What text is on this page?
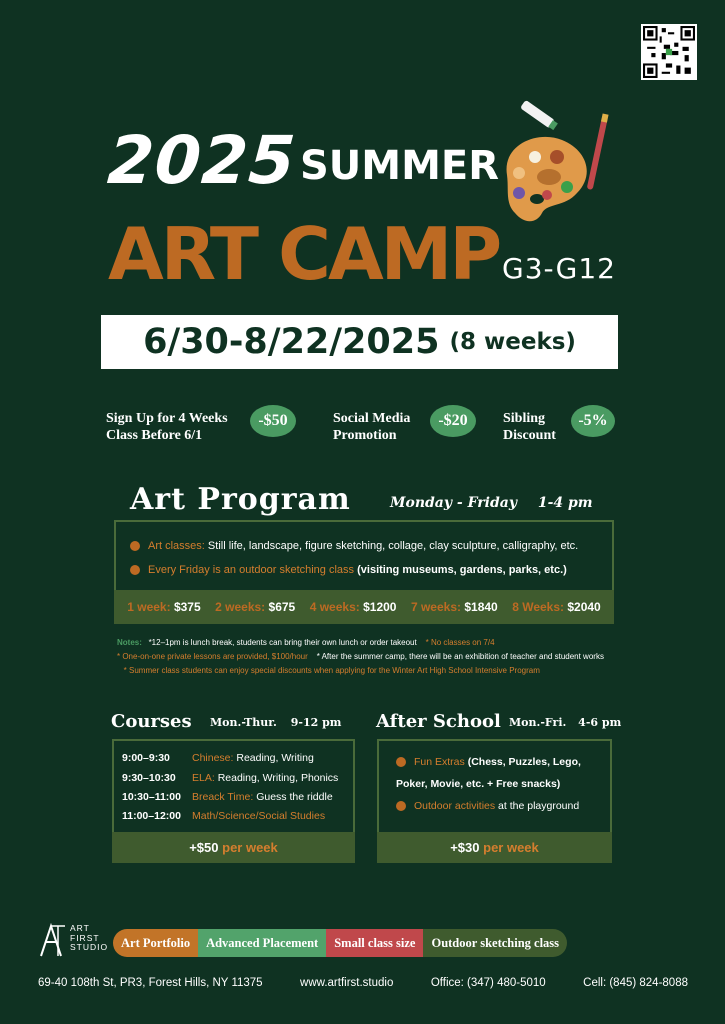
2025 SUMMER
ART CAMP G3-G12
6/30-8/22/2025 (8 weeks)
Sign Up for 4 Weeks
Class Before 6/1
-$50	Social Media
Promotion
-$20	Sibling
Discount
-5%
Art Program	Monday - Friday 1-4 pm
Art classes: Still life, landscape, figure sketching, collage, clay sculpture, calligraphy, etc.
Every Friday is an outdoor sketching class (visiting museums, gardens, parks, etc.)
1 week: $375 2 weeks: $675 4 weeks: $1200 7 weeks: $1840 8 Weeks: $2040
Notes: *12–1pm is lunch break, students can bring their own lunch or order takeout * No classes on 7/4
* One-on-one private lessons are provided, $100/hour * After the summer camp, there will be an exhibition of teacher and student works    * Summer class students can enjoy special discounts when applying for the Winter Art High School Intensive Program
Courses Mon.-Thur. 9-12 pm
9:00–9:30 Chinese: Reading, Writing
9:30–10:30 ELA: Reading, Writing, Phonics
10:30–11:00 Breack Time: Guess the riddle
11:00–12:00 Math/Science/Social Studies
+$50
per week
After School Mon.-Fri. 4-6 pm
Fun Extras (Chess, Puzzles, Lego,
Poker, Movie, etc. + Free snacks)
Outdoor activities at the playground
+$30
per week
ART
FIRST
STUDIO	Art Portfolio	Advanced Placement	Small class size	Outdoor sketching class
69-40 108th St, PR3, Forest Hills, NY 11375	www.artfirst.studio	Office: (347) 480-5010	Cell: (845) 824-8088
